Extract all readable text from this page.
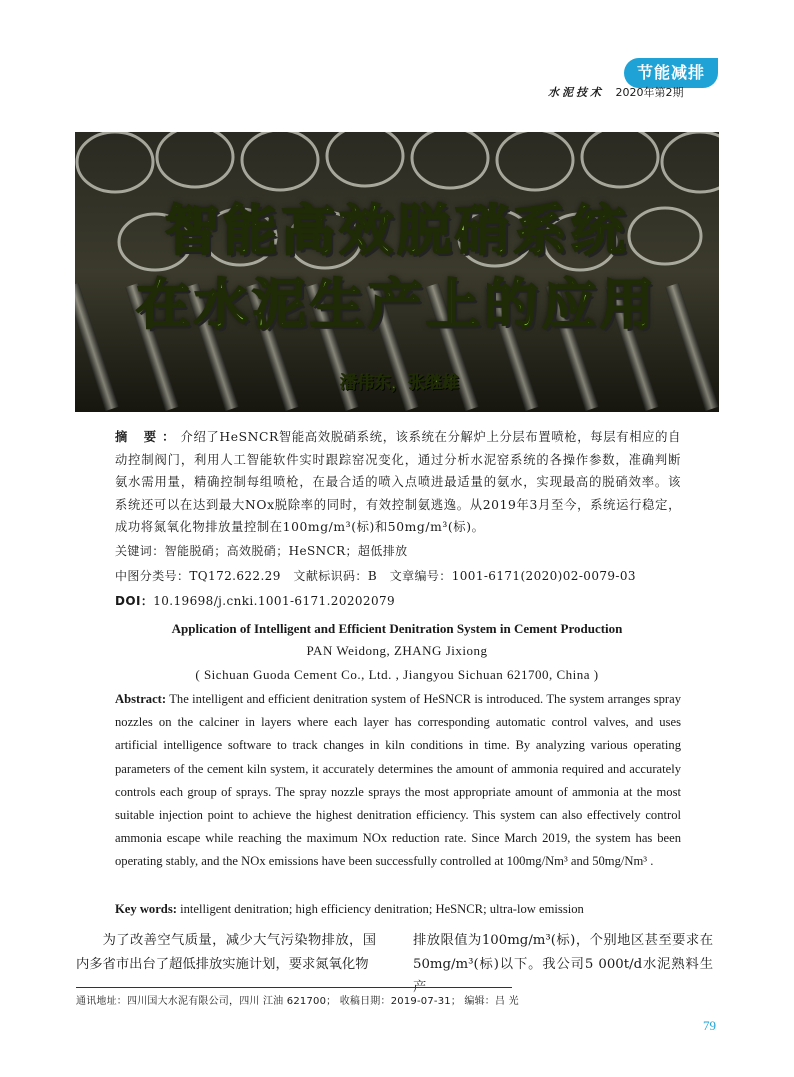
节能减排
水泥技术 2020年第2期
智能高效脱硝系统
在水泥生产上的应用
潘伟东，张继雄
摘 要：介绍了HeSNCR智能高效脱硝系统，该系统在分解炉上分层布置喷枪，每层有相应的自动控制阀门，利用人工智能软件实时跟踪窑况变化，通过分析水泥窑系统的各操作参数，准确判断氨水需用量，精确控制每组喷枪，在最合适的喷入点喷进最适量的氨水，实现最高的脱硝效率。该系统还可以在达到最大NOx脱除率的同时，有效控制氨逃逸。从2019年3月至今，系统运行稳定，成功将氮氧化物排放量控制在100mg/m³(标)和50mg/m³(标)。
关键词：智能脱硝；高效脱硝；HeSNCR；超低排放
中图分类号：TQ172.622.29 文献标识码：B 文章编号：1001-6171(2020)02-0079-03
DOI：10.19698/j.cnki.1001-6171.20202079
Application of Intelligent and Efficient Denitration System in Cement Production
PAN Weidong, ZHANG Jixiong
( Sichuan Guoda Cement Co., Ltd. , Jiangyou Sichuan 621700, China )
Abstract: The intelligent and efficient denitration system of HeSNCR is introduced. The system arranges spray nozzles on the calciner in layers where each layer has corresponding automatic control valves, and uses artificial intelligence software to track changes in kiln conditions in time. By analyzing various operating parameters of the cement kiln system, it accurately determines the amount of ammonia required and accurately controls each group of sprays. The spray nozzle sprays the most appropriate amount of ammonia at the most suitable injection point to achieve the highest denitration efficiency. This system can also effectively control ammonia escape while reaching the maximum NOx reduction rate. Since March 2019, the system has been operating stably, and the NOx emissions have been successfully controlled at 100mg/Nm³ and 50mg/Nm³ .
Key words: intelligent denitration; high efficiency denitration; HeSNCR; ultra-low emission
为了改善空气质量，减少大气污染物排放，国内多省市出台了超低排放实施计划，要求氮氧化物
排放限值为100mg/m³(标)，个别地区甚至要求在50mg/m³(标)以下。我公司5 000t/d水泥熟料生产
通讯地址：四川国大水泥有限公司，四川 江油 621700； 收稿日期：2019-07-31； 编辑：吕 光
79
